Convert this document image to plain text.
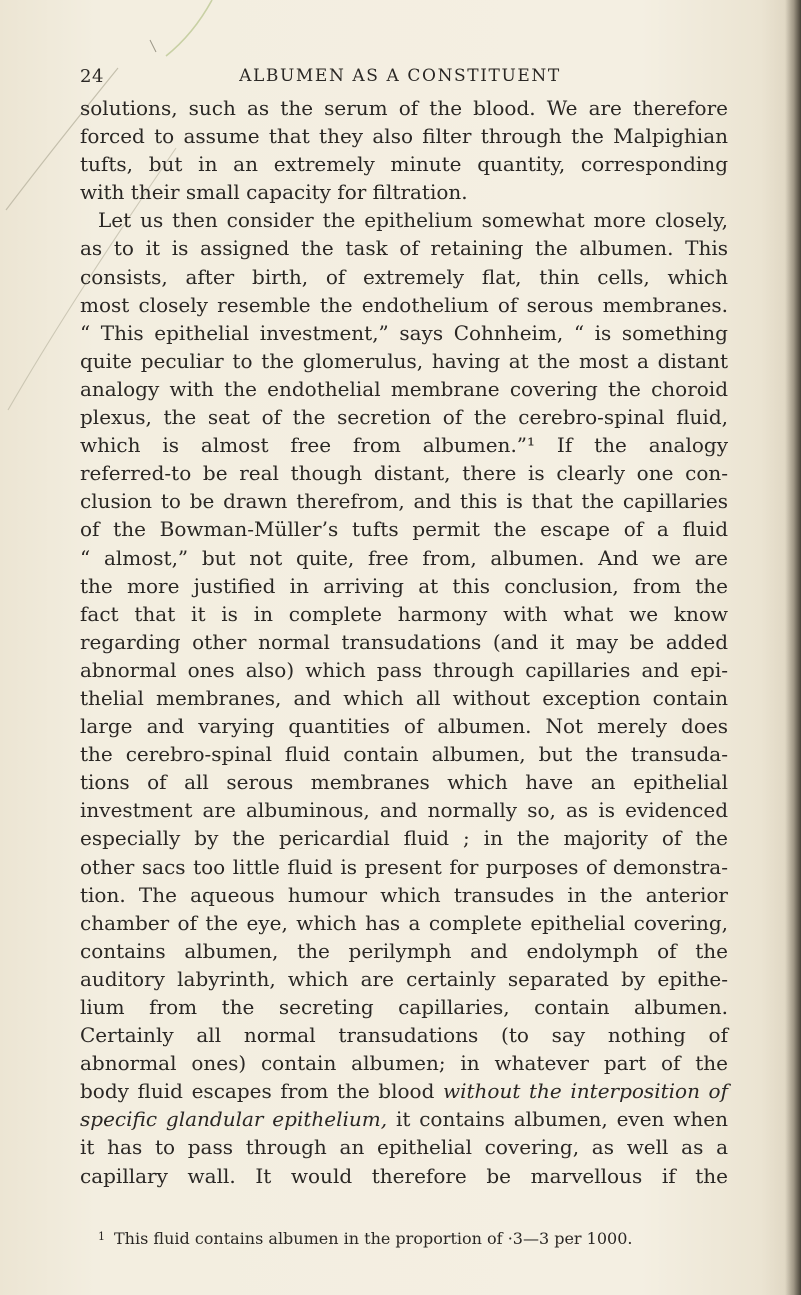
24	ALBUMEN AS A CONSTITUENT
solutions, such as the serum of the blood. We are therefore
forced to assume that they also filter through the Malpighian
tufts, but in an extremely minute quantity, corresponding
with their small capacity for filtration.
Let us then consider the epithelium somewhat more closely,
as to it is assigned the task of retaining the albumen. This
consists, after birth, of extremely flat, thin cells, which
most closely resemble the endothelium of serous membranes.
“ This epithelial investment,” says Cohnheim, “ is something
quite peculiar to the glomerulus, having at the most a distant
analogy with the endothelial membrane covering the choroid
plexus, the seat of the secretion of the cerebro-spinal fluid,
which is almost free from albumen.”¹ If the analogy
referred-to be real though distant, there is clearly one con-
clusion to be drawn therefrom, and this is that the capillaries
of the Bowman-Müller’s tufts permit the escape of a fluid
“ almost,” but not quite, free from, albumen. And we are
the more justified in arriving at this conclusion, from the
fact that it is in complete harmony with what we know
regarding other normal transudations (and it may be added
abnormal ones also) which pass through capillaries and epi-
thelial membranes, and which all without exception contain
large and varying quantities of albumen. Not merely does
the cerebro-spinal fluid contain albumen, but the transuda-
tions of all serous membranes which have an epithelial
investment are albuminous, and normally so, as is evidenced
especially by the pericardial fluid ; in the majority of the
other sacs too little fluid is present for purposes of demonstra-
tion. The aqueous humour which transudes in the anterior
chamber of the eye, which has a complete epithelial covering,
contains albumen, the perilymph and endolymph of the
auditory labyrinth, which are certainly separated by epithe-
lium from the secreting capillaries, contain albumen.
Certainly all normal transudations (to say nothing of
abnormal ones) contain albumen; in whatever part of the
body fluid escapes from the blood without the interposition of
specific glandular epithelium, it contains albumen, even when
it has to pass through an epithelial covering, as well as a
capillary wall. It would therefore be marvellous if the
$^1$ This fluid contains albumen in the proportion of ·3—3 per 1000.
